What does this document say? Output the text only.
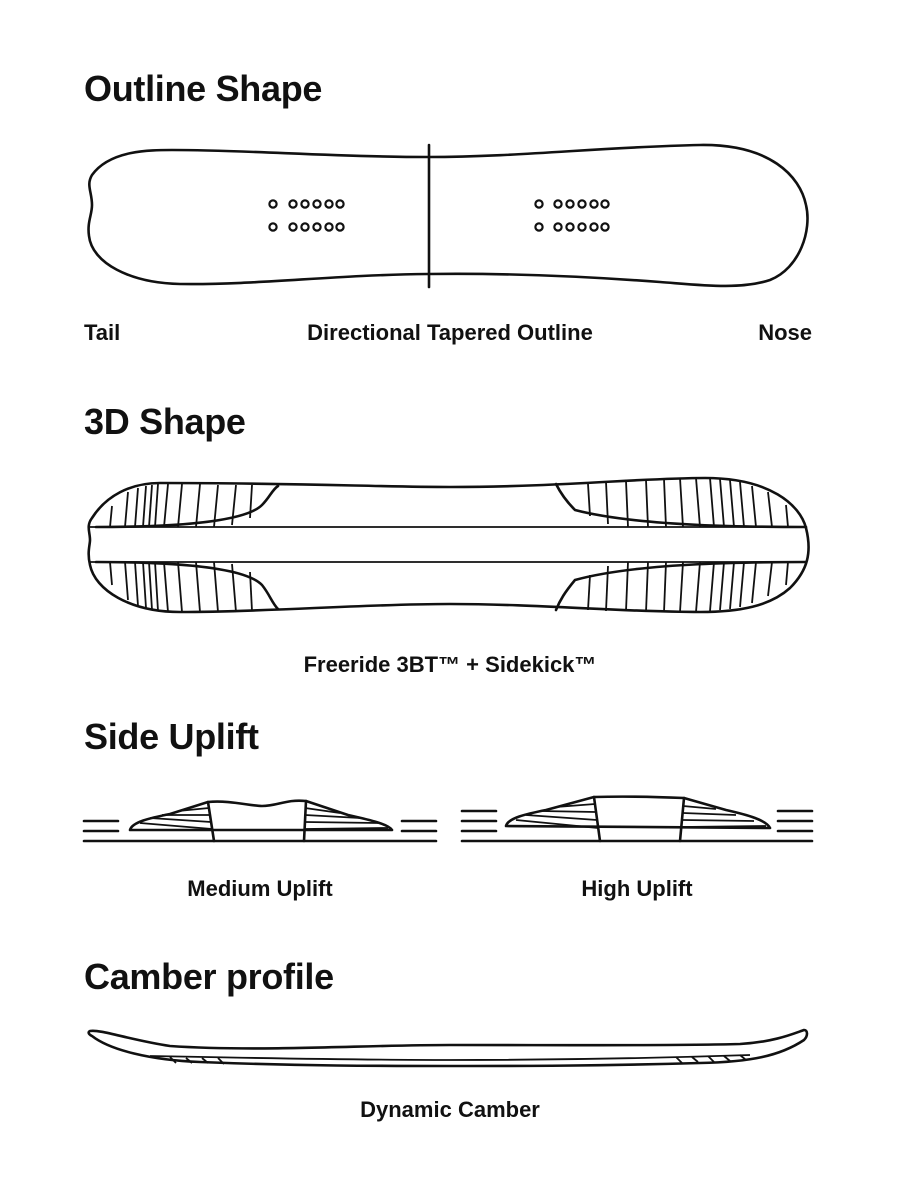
Outline Shape
3D Shape
Side Uplift
Camber profile
Tail	Directional Tapered Outline	Nose
Freeride 3BT™ + Sidekick™
Medium Uplift	High Uplift
Dynamic Camber
